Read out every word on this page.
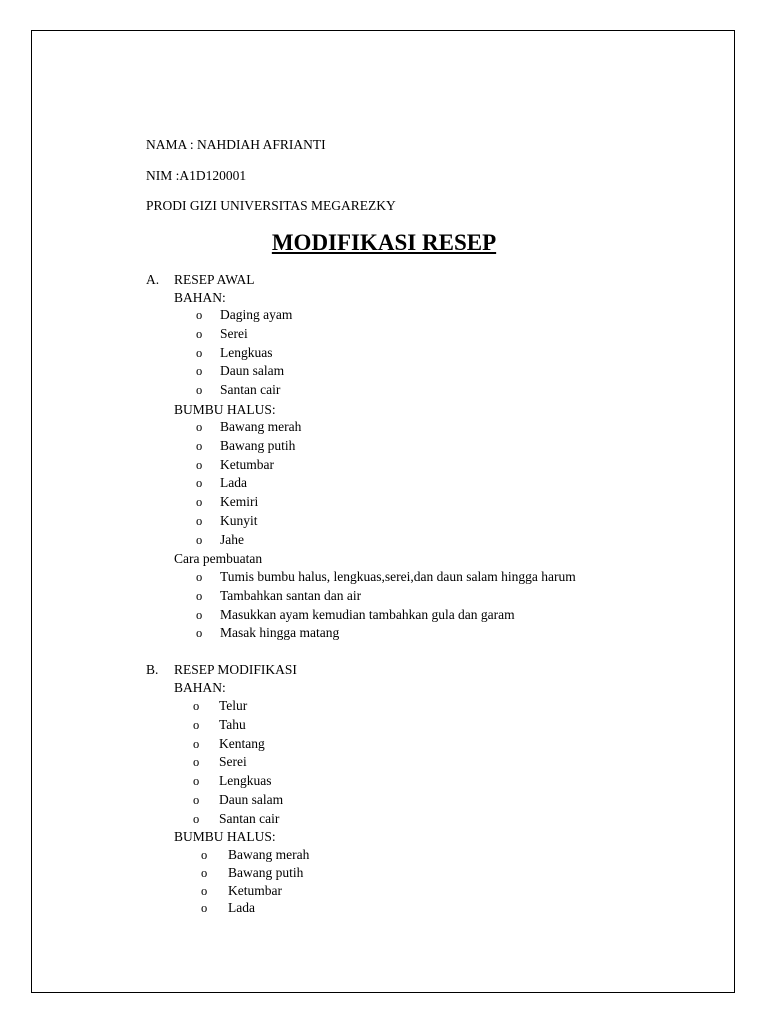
NAMA : NAHDIAH AFRIANTI
NIM :A1D120001
PRODI GIZI UNIVERSITAS MEGAREZKY
MODIFIKASI RESEP
A. RESEP AWAL
BAHAN:
o Daging ayam
o Serei
o Lengkuas
o Daun salam
o Santan cair
BUMBU HALUS:
o Bawang merah
o Bawang putih
o Ketumbar
o Lada
o Kemiri
o Kunyit
o Jahe
Cara pembuatan
o Tumis bumbu halus, lengkuas,serei,dan daun salam hingga harum
o Tambahkan santan dan air
o Masukkan ayam kemudian tambahkan gula dan garam
o Masak hingga matang
B. RESEP MODIFIKASI
BAHAN:
o Telur
o Tahu
o Kentang
o Serei
o Lengkuas
o Daun salam
o Santan cair
BUMBU HALUS:
o Bawang merah
o Bawang putih
o Ketumbar
o Lada
